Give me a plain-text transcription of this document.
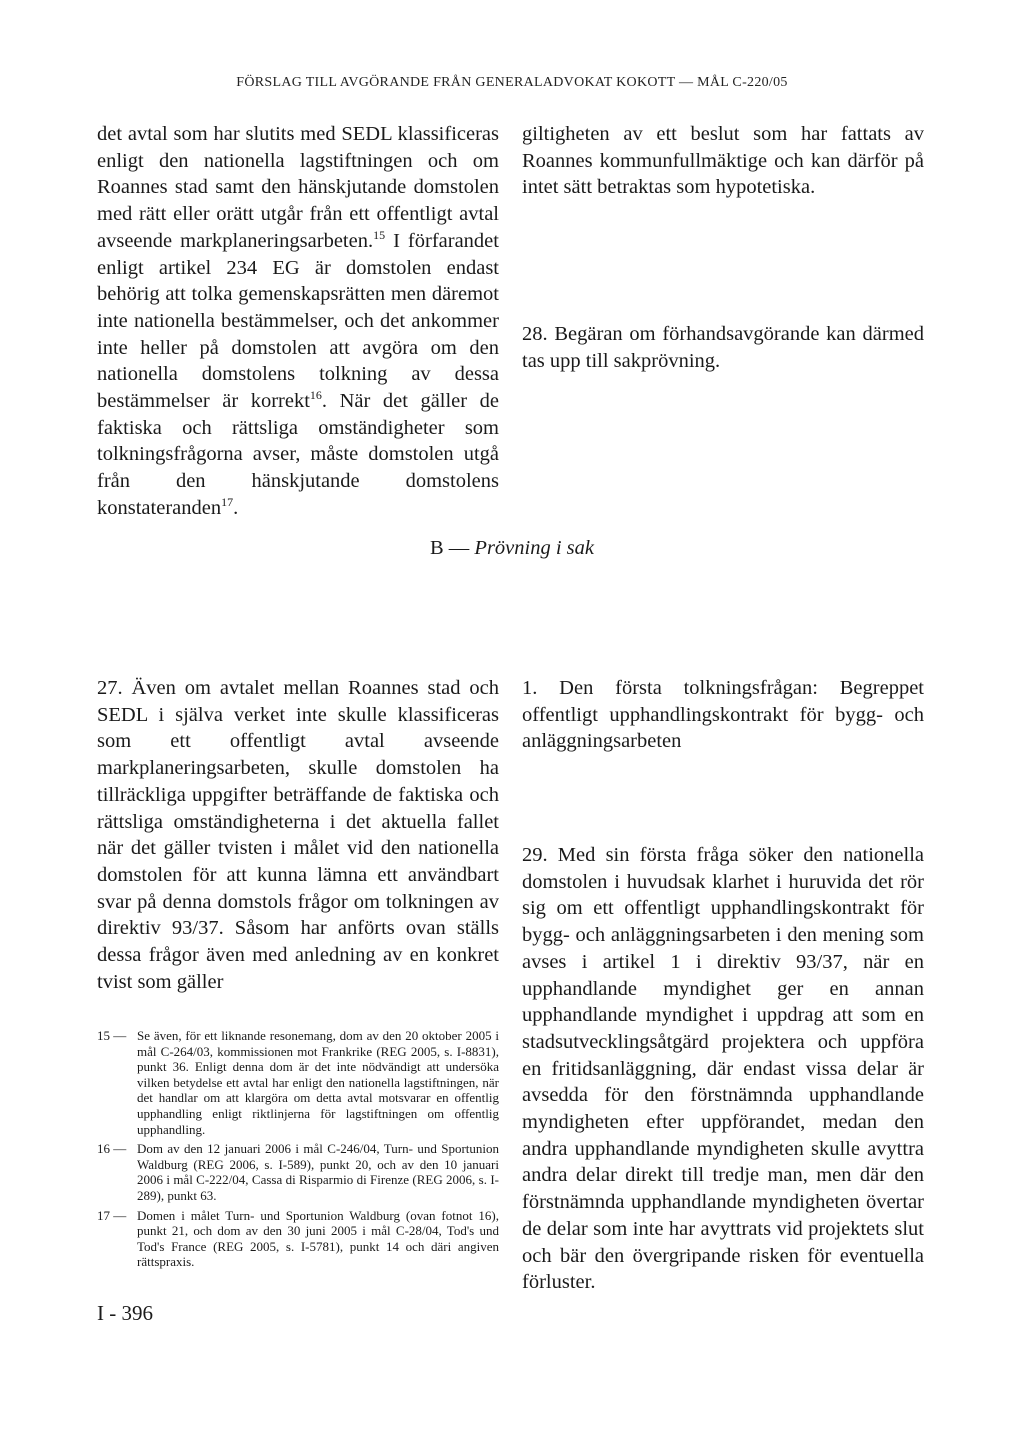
FÖRSLAG TILL AVGÖRANDE FRÅN GENERALADVOKAT KOKOTT — MÅL C-220/05

det avtal som har slutits med SEDL klassificeras enligt den nationella lagstiftningen och om Roannes stad samt den hänskjutande domstolen med rätt eller orätt utgår från ett offentligt avtal avseende markplaneringsarbeten.$^{15}$ I förfarandet enligt artikel 234 EG är domstolen endast behörig att tolka gemenskapsrätten men däremot inte nationella bestämmelser, och det ankommer inte heller på domstolen att avgöra om den nationella domstolens tolkning av dessa bestämmelser är korrekt$^{16}$. När det gäller de faktiska och rättsliga omständigheter som tolkningsfrågorna avser, måste domstolen utgå från den hänskjutande domstolens konstateranden$^{17}$.

giltigheten av ett beslut som har fattats av Roannes kommunfullmäktige och kan därför på intet sätt betraktas som hypotetiska.

28. Begäran om förhandsavgörande kan därmed tas upp till sakprövning.

B — Prövning i sak

27. Även om avtalet mellan Roannes stad och SEDL i själva verket inte skulle klassificeras som ett offentligt avtal avseende markplaneringsarbeten, skulle domstolen ha tillräckliga uppgifter beträffande de faktiska och rättsliga omständigheterna i det aktuella fallet när det gäller tvisten i målet vid den nationella domstolen för att kunna lämna ett användbart svar på denna domstols frågor om tolkningen av direktiv 93/37. Såsom har anförts ovan ställs dessa frågor även med anledning av en konkret tvist som gäller

1. Den första tolkningsfrågan: Begreppet offentligt upphandlingskontrakt för bygg- och anläggningsarbeten

29. Med sin första fråga söker den nationella domstolen i huvudsak klarhet i huruvida det rör sig om ett offentligt upphandlingskontrakt för bygg- och anläggningsarbeten i den mening som avses i artikel 1 i direktiv 93/37, när en upphandlande myndighet ger en annan upphandlande myndighet i uppdrag att som en stadsutvecklingsåtgärd projektera och uppföra en fritidsanläggning, där endast vissa delar är avsedda för den förstnämnda upphandlande myndigheten efter uppförandet, medan den andra upphandlande myndigheten skulle avyttra andra delar direkt till tredje man, men där den förstnämnda upphandlande myndigheten övertar de delar som inte har avyttrats vid projektets slut och bär den övergripande risken för eventuella förluster.

15 — Se även, för ett liknande resonemang, dom av den 20 oktober 2005 i mål C-264/03, kommissionen mot Frankrike (REG 2005, s. I-8831), punkt 36. Enligt denna dom är det inte nödvändigt att undersöka vilken betydelse ett avtal har enligt den nationella lagstiftningen, när det handlar om att klargöra om detta avtal motsvarar en offentlig upphandling enligt riktlinjerna för lagstiftningen om offentlig upphandling.
16 — Dom av den 12 januari 2006 i mål C-246/04, Turn- und Sportunion Waldburg (REG 2006, s. I-589), punkt 20, och av den 10 januari 2006 i mål C-222/04, Cassa di Risparmio di Firenze (REG 2006, s. I-289), punkt 63.
17 — Domen i målet Turn- und Sportunion Waldburg (ovan fotnot 16), punkt 21, och dom av den 30 juni 2005 i mål C-28/04, Tod's und Tod's France (REG 2005, s. I-5781), punkt 14 och däri angiven rättspraxis.
I - 396
